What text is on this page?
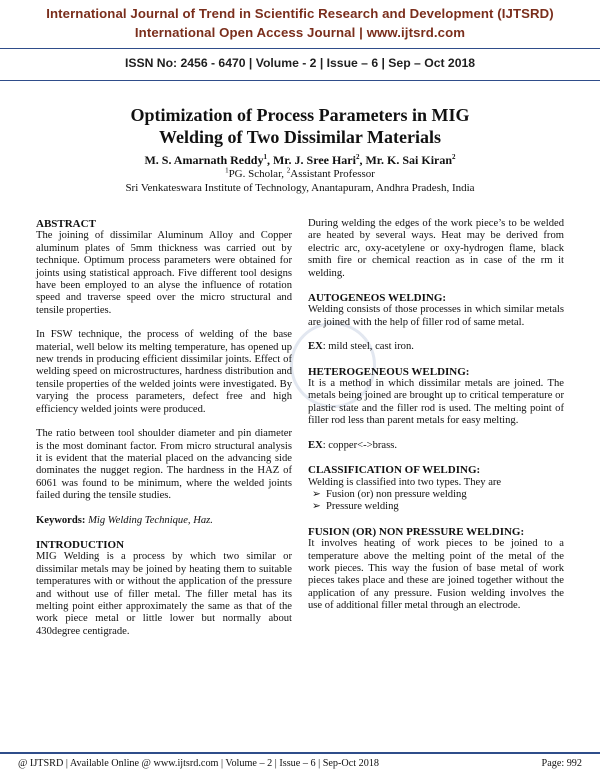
International Journal of Trend in Scientific Research and Development (IJTSRD)
International Open Access Journal | www.ijtsrd.com
ISSN No: 2456 - 6470 | Volume - 2 | Issue – 6 | Sep – Oct 2018
Optimization of Process Parameters in MIG
Welding of Two Dissimilar Materials
M. S. Amarnath Reddy$^1$, Mr. J. Sree Hari$^2$, Mr. K. Sai Kiran$^2$
$^1$PG. Scholar, $^2$Assistant Professor
Sri Venkateswara Institute of Technology, Anantapuram, Andhra Pradesh, India
ABSTRACT

The joining of dissimilar Aluminum Alloy and Copper aluminum plates of 5mm thickness was carried out by technique. Optimum process parameters were obtained for joints using statistical approach. Five different tool designs have been employed to an alyse the influence of rotation speed and traverse speed over the micro structural and tensile properties.

In FSW technique, the process of welding of the base material, well below its melting temperature, has opened up new trends in producing efficient dissimilar joints. Effect of welding speed on microstructures, hardness distribution and tensile properties of the welded joints were investigated. By varying the process parameters, defect free and high efficiency welded joints were produced.

The ratio between tool shoulder diameter and pin diameter is the most dominant factor. From micro structural analysis it is evident that the material placed on the advancing side dominates the nugget region. The hardness in the HAZ of 6061 was found to be minimum, where the welded joints failed during the tensile studies.

Keywords: Mig Welding Technique, Haz.

INTRODUCTION

MIG Welding is a process by which two similar or dissimilar metals may be joined by heating them to suitable temperatures with or without the application of the pressure and without use of filler metal. The filler metal has its melting point either approximately the same as that of the work piece metal or little lower but normally about 430degree centigrade.

During welding the edges of the work piece’s to be welded are heated by several ways. Heat may be derived from electric arc, oxy-acetylene or oxy-hydrogen flame, black smith fire or chemical reaction as in case of the rm it welding.

AUTOGENEOS WELDING:

Welding consists of those processes in which similar metals are joined with the help of filler rod of same metal.

EX: mild steel, cast iron.

HETEROGENEOUS WELDING:

It is a method in which dissimilar metals are joined. The metals being joined are brought up to critical temperature or plastic state and the filler rod is used. The melting point of filler rod less than parent metals for easy melting.

EX: copper<->brass.

CLASSIFICATION OF WELDING:

Welding is classified into two types. They are

➢ Fusion (or) non pressure welding
➢ Pressure welding
FUSION (OR) NON PRESSURE WELDING:

It involves heating of work pieces to be joined to a temperature above the melting point of the metal of the work pieces. This way the fusion of base metal of work pieces takes place and these are joined together without the application of any pressure. Fusion welding involves the use of additional filler metal through an electrode.

@ IJTSRD | Available Online @ www.ijtsrd.com | Volume – 2 | Issue – 6 | Sep-Oct 2018	Page: 992
